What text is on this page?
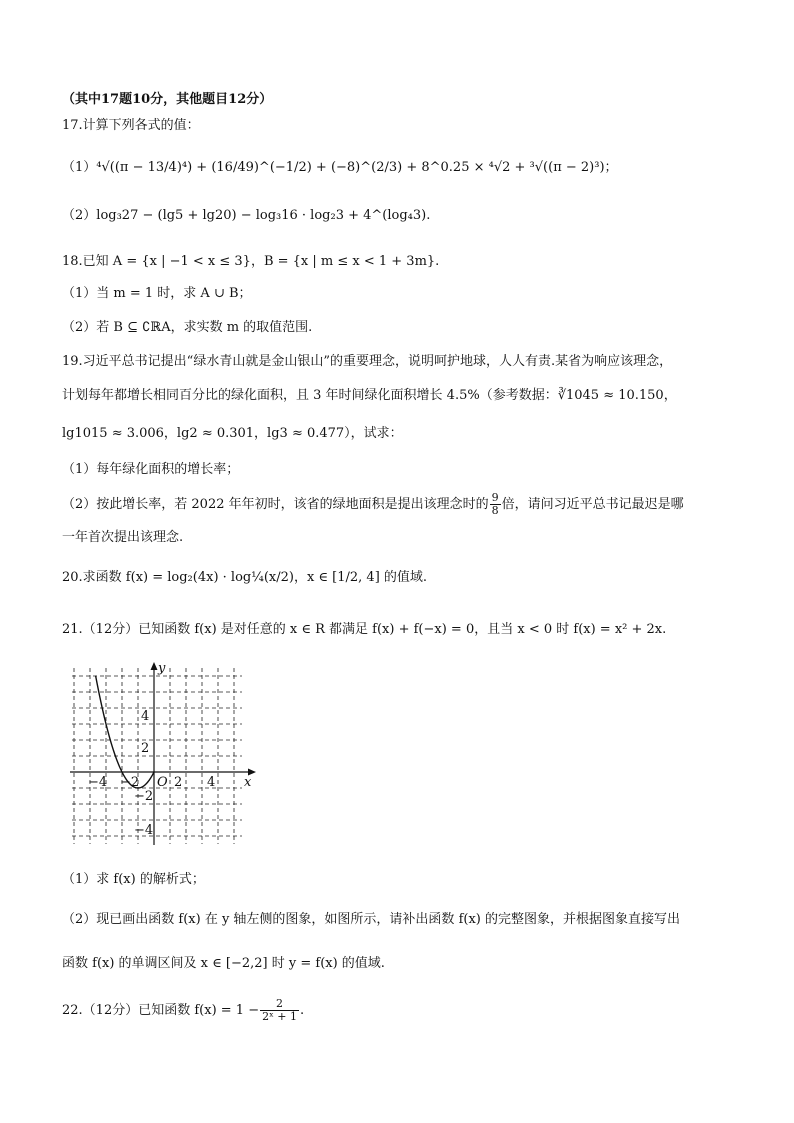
（其中17题10分，其他题目12分）
17.计算下列各式的值：
（1）⁴√((π − 13/4)⁴) + (16/49)^(−1/2) + (−8)^(2/3) + 8^0.25 × ⁴√2 + ³√((π − 2)³)；
（2）log₃27 − (lg5 + lg20) − log₃16 · log₂3 + 4^(log₄3).
18.已知 A = {x | −1 < x ≤ 3}，B = {x | m ≤ x < 1 + 3m}.
（1）当 m = 1 时，求 A ∪ B；
（2）若 B ⊆ ∁ℝA，求实数 m 的取值范围.
19.习近平总书记提出“绿水青山就是金山银山”的重要理念，说明呵护地球，人人有责.某省为响应该理念，
计划每年都增长相同百分比的绿化面积，且 3 年时间绿化面积增长 4.5%（参考数据：∛1045 ≈ 10.150，
lg1015 ≈ 3.006，lg2 ≈ 0.301，lg3 ≈ 0.477），试求：
（1）每年绿化面积的增长率；
（2）按此增长率，若 2022 年年初时，该省的绿地面积是提出该理念时的 $\frac{9}{8}$ 倍，请问习近平总书记最迟是哪
一年首次提出该理念.
20.求函数 f(x) = log₂(4x) · log¼(x/2)，x ∈ [1/2, 4] 的值域.
21.（12分）已知函数 f(x) 是对任意的 x ∈ R 都满足 f(x) + f(−x) = 0，且当 x < 0 时 f(x) = x² + 2x.
x
y
O
−4 −2	2 4
4
2
−2
−4
（1）求 f(x) 的解析式；
（2）现已画出函数 f(x) 在 y 轴左侧的图象，如图所示，请补出函数 f(x) 的完整图象，并根据图象直接写出
函数 f(x) 的单调区间及 x ∈ [−2,2] 时 y = f(x) 的值域.
22.（12分）已知函数 $f(x) = 1 - \frac{2}{\text{2ˣ + 1}}$ .
